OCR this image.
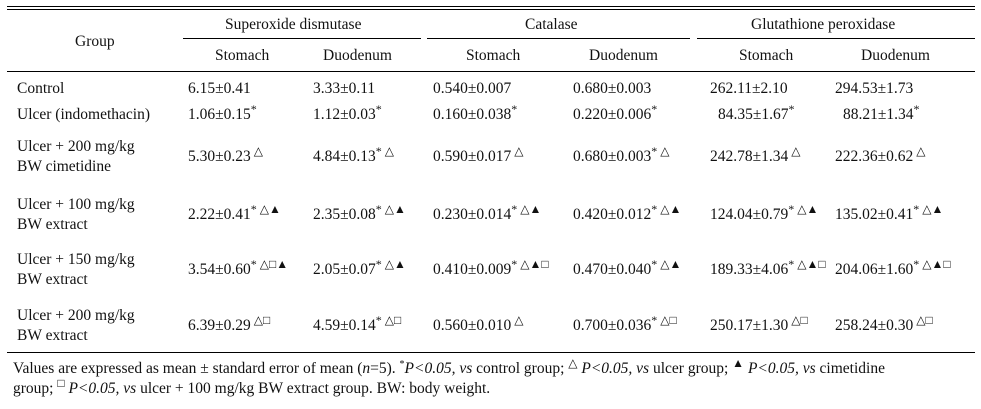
Group
Superoxide dismutase	Catalase	Glutathione peroxidase
Stomach	Duodenum	Stomach	Duodenum	Stomach	Duodenum
Control	6.15±0.41	3.33±0.11	0.540±0.007	0.680±0.003	262.11±2.10	294.53±1.73
Ulcer (indomethacin) 1.06±0.15*	1.12±0.03*	0.160±0.038*	0.220±0.006*	84.35±1.67*	88.21±1.34*
Ulcer + 200 mg/kg
BW cimetidine
5.30±0.23 △	4.84±0.13* △	0.590±0.017 △	0.680±0.003* △	242.78±1.34 △ 222.36±0.62 △
Ulcer + 100 mg/kg
BW extract
2.22±0.41* △▲ 2.35±0.08* △▲ 0.230±0.014* △▲ 0.420±0.012* △▲ 124.04±0.79* △▲ 135.02±0.41* △▲
Ulcer + 150 mg/kg
BW extract
3.54±0.60* △□▲ 2.05±0.07* △▲ 0.410±0.009* △▲□ 0.470±0.040* △▲ 189.33±4.06* △▲□ 204.06±1.60* △▲□
Ulcer + 200 mg/kg
BW extract
6.39±0.29 △□	4.59±0.14* △□ 0.560±0.010 △	0.700±0.036* △□ 250.17±1.30 △□ 258.24±0.30 △□
Values are expressed as mean ± standard error of mean (n=5). *P<0.05, vs control group; △ P<0.05, vs ulcer group; ▲ P<0.05, vs cimetidine
group; □ P<0.05, vs ulcer + 100 mg/kg BW extract group. BW: body weight.
